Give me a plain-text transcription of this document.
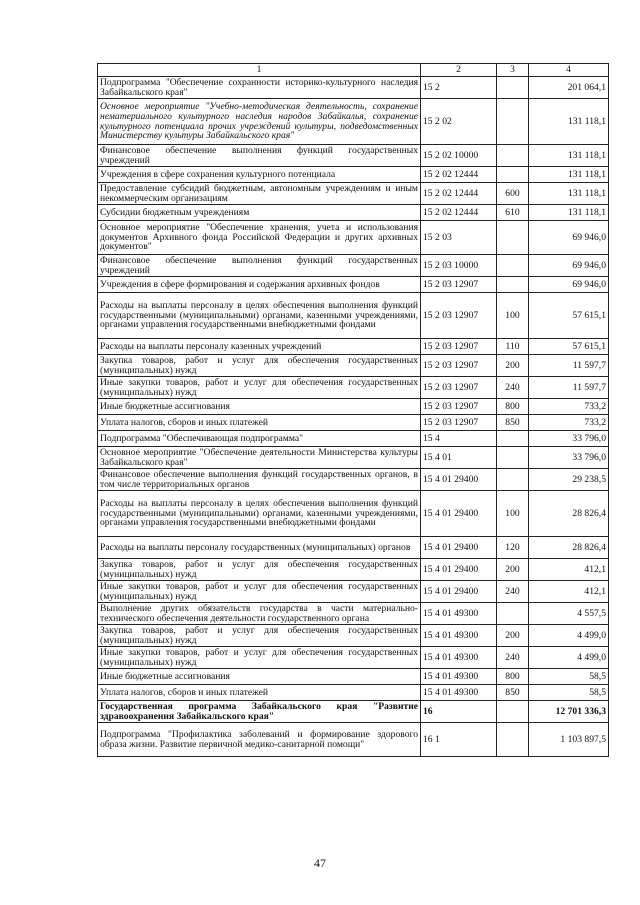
1	2	3	4
Подпрограмма "Обеспечение сохранности историко-культурного наследия Забайкальского края"	15 2		201 064,1
Основное мероприятие "Учебно-методическая деятельность, сохранение нематериального культурного наследия народов Забайкалья, сохранение культурного потенциала прочих учреждений культуры, подведомственных Министерству культуры Забайкальского края"	15 2 02		131 118,1
Финансовое обеспечение выполнения функций государственных учреждений	15 2 02 10000		131 118,1
Учреждения в сфере сохранения культурного потенциала	15 2 02 12444		131 118,1
Предоставление субсидий бюджетным, автономным учреждениям и иным некоммерческим организациям	15 2 02 12444	600	131 118,1
Субсидии бюджетным учреждениям	15 2 02 12444	610	131 118,1
Основное мероприятие "Обеспечение хранения, учета и использования документов Архивного фонда Российской Федерации и других архивных документов"	15 2 03		69 946,0
Финансовое обеспечение выполнения функций государственных учреждений	15 2 03 10000		69 946,0
Учреждения в сфере формирования и содержания архивных фондов	15 2 03 12907		69 946,0
Расходы на выплаты персоналу в целях обеспечения выполнения функций государственными (муниципальными) органами, казенными учреждениями, органами управления государственными внебюджетными фондами	15 2 03 12907	100	57 615,1
Расходы на выплаты персоналу казенных учреждений	15 2 03 12907	110	57 615,1
Закупка товаров, работ и услуг для обеспечения государственных (муниципальных) нужд	15 2 03 12907	200	11 597,7
Иные закупки товаров, работ и услуг для обеспечения государственных (муниципальных) нужд	15 2 03 12907	240	11 597,7
Иные бюджетные ассигнования	15 2 03 12907	800	733,2
Уплата налогов, сборов и иных платежей	15 2 03 12907	850	733,2
Подпрограмма "Обеспечивающая подпрограмма"	15 4		33 796,0
Основное мероприятие "Обеспечение деятельности Министерства культуры Забайкальского края"	15 4 01		33 796,0
Финансовое обеспечение выполнения функций государственных органов, в том числе территориальных органов	15 4 01 29400		29 238,5
Расходы на выплаты персоналу в целях обеспечения выполнения функций государственными (муниципальными) органами, казенными учреждениями, органами управления государственными внебюджетными фондами	15 4 01 29400	100	28 826,4
Расходы на выплаты персоналу государственных (муниципальных) органов	15 4 01 29400	120	28 826,4
Закупка товаров, работ и услуг для обеспечения государственных (муниципальных) нужд	15 4 01 29400	200	412,1
Иные закупки товаров, работ и услуг для обеспечения государственных (муниципальных) нужд	15 4 01 29400	240	412,1
Выполнение других обязательств государства в части материально-технического обеспечения деятельности государственного органа	15 4 01 49300		4 557,5
Закупка товаров, работ и услуг для обеспечения государственных (муниципальных) нужд	15 4 01 49300	200	4 499,0
Иные закупки товаров, работ и услуг для обеспечения государственных (муниципальных) нужд	15 4 01 49300	240	4 499,0
Иные бюджетные ассигнования	15 4 01 49300	800	58,5
Уплата налогов, сборов и иных платежей	15 4 01 49300	850	58,5
Государственная программа Забайкальского края "Развитие здравоохранения Забайкальского края"	16		12 701 336,3
Подпрограмма "Профилактика заболеваний и формирование здорового образа жизни. Развитие первичной медико-санитарной помощи"	16 1		1 103 897,5
47
